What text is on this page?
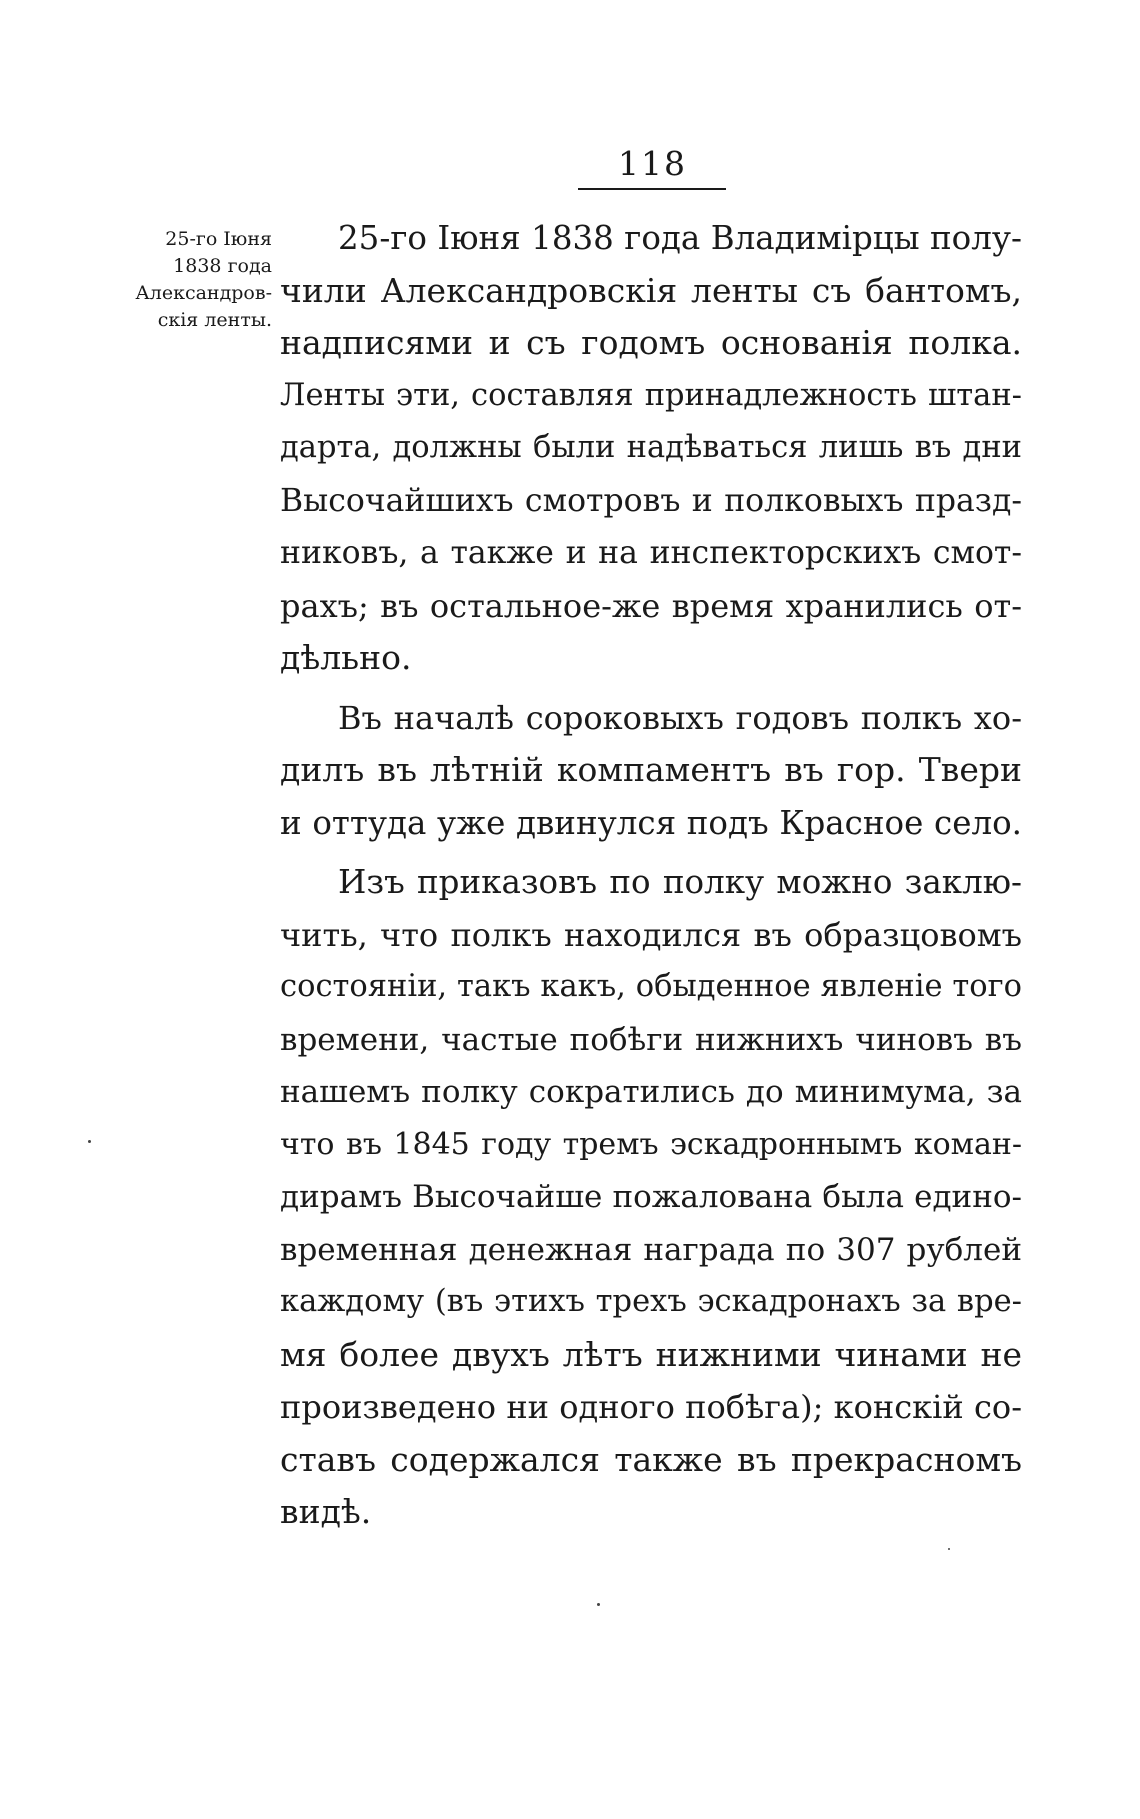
118
25-го Іюня
1838 года
Александров-
скія ленты.
25-го Іюня 1838 года Владимірцы полу-
чили Александровскія ленты съ бантомъ,
надписями и съ годомъ основанія полка.
Ленты эти, составляя принадлежность штан-
дарта, должны были надѣваться лишь въ дни
Высочайшихъ смотровъ и полковыхъ празд-
никовъ, а также и на инспекторскихъ смот-
рахъ; въ остальное-же время хранились от-
дѣльно.
Въ началѣ сороковыхъ годовъ полкъ хо-
дилъ въ лѣтній компаментъ въ гор. Твери
и оттуда уже двинулся подъ Красное село.
Изъ приказовъ по полку можно заклю-
чить, что полкъ находился въ образцовомъ
состояніи, такъ какъ, обыденное явленіе того
времени, частые побѣги нижнихъ чиновъ въ
нашемъ полку сократились до минимума, за
что въ 1845 году тремъ эскадроннымъ коман-
дирамъ Высочайше пожалована была едино-
временная денежная награда по 307 рублей
каждому (въ этихъ трехъ эскадронахъ за вре-
мя более двухъ лѣтъ нижними чинами не
произведено ни одного побѣга); конскій со-
ставъ содержался также въ прекрасномъ
видѣ.
